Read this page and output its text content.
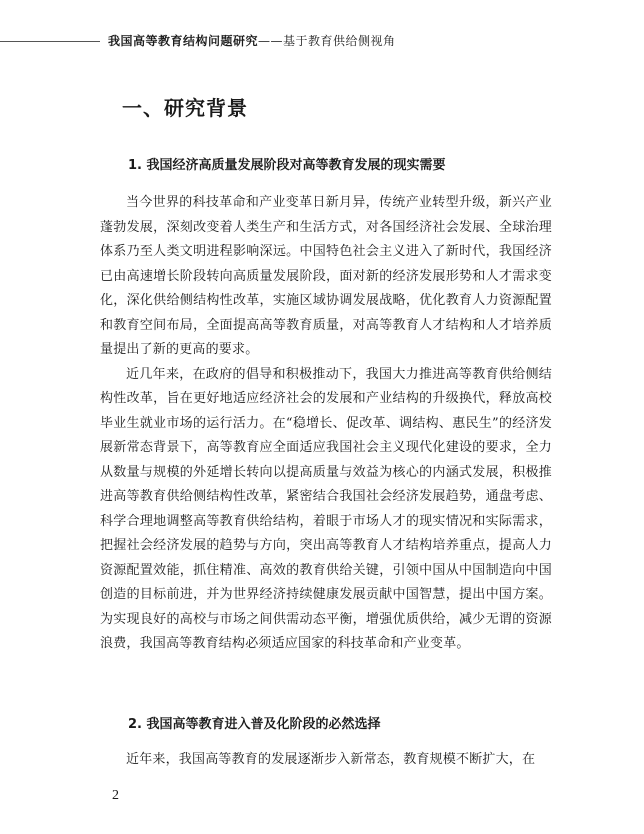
我国高等教育结构问题研究——基于教育供给侧视角
一、研究背景
1. 我国经济高质量发展阶段对高等教育发展的现实需要

当今世界的科技革命和产业变革日新月异，传统产业转型升级，新兴产业蓬勃发展，深刻改变着人类生产和生活方式，对各国经济社会发展、全球治理体系乃至人类文明进程影响深远。中国特色社会主义进入了新时代，我国经济已由高速增长阶段转向高质量发展阶段，面对新的经济发展形势和人才需求变化，深化供给侧结构性改革，实施区域协调发展战略，优化教育人力资源配置和教育空间布局，全面提高高等教育质量，对高等教育人才结构和人才培养质量提出了新的更高的要求。

近几年来，在政府的倡导和积极推动下，我国大力推进高等教育供给侧结构性改革，旨在更好地适应经济社会的发展和产业结构的升级换代，释放高校毕业生就业市场的运行活力。在“稳增长、促改革、调结构、惠民生”的经济发展新常态背景下，高等教育应全面适应我国社会主义现代化建设的要求，全力从数量与规模的外延增长转向以提高质量与效益为核心的内涵式发展，积极推进高等教育供给侧结构性改革，紧密结合我国社会经济发展趋势，通盘考虑、科学合理地调整高等教育供给结构，着眼于市场人才的现实情况和实际需求，把握社会经济发展的趋势与方向，突出高等教育人才结构培养重点，提高人力资源配置效能，抓住精准、高效的教育供给关键，引领中国从中国制造向中国创造的目标前进，并为世界经济持续健康发展贡献中国智慧，提出中国方案。为实现良好的高校与市场之间供需动态平衡，增强优质供给，减少无谓的资源浪费，我国高等教育结构必须适应国家的科技革命和产业变革。

2. 我国高等教育进入普及化阶段的必然选择

近年来，我国高等教育的发展逐渐步入新常态，教育规模不断扩大，在

2
